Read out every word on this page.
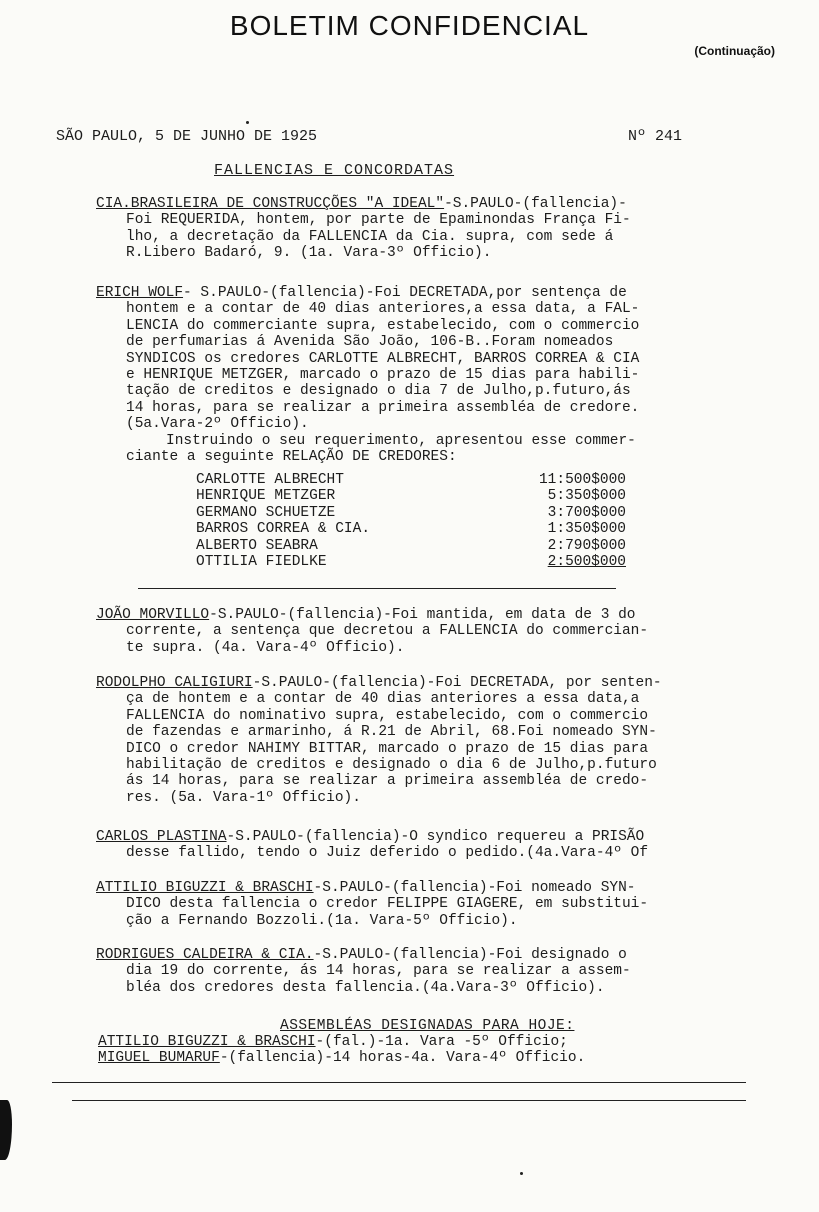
BOLETIM CONFIDENCIAL
(Continuação)
SÃO PAULO, 5 DE JUNHO DE 1925	Nº 241
FALLENCIAS E CONCORDATAS

CIA.BRASILEIRA DE CONSTRUCÇÕES "A IDEAL"-S.PAULO-(fallencia)-

Foi REQUERIDA, hontem, por parte de Epaminondas França Fi-

lho, a decretação da FALLENCIA da Cia. supra, com sede á

R.Libero Badaró, 9. (1a. Vara-3º Officio).

ERICH WOLF- S.PAULO-(fallencia)-Foi DECRETADA,por sentença de

hontem e a contar de 40 dias anteriores,a essa data, a FAL-

LENCIA do commerciante supra, estabelecido, com o commercio

de perfumarias á Avenida São João, 106-B..Foram nomeados

SYNDICOS os credores CARLOTTE ALBRECHT, BARROS CORREA & CIA

e HENRIQUE METZGER, marcado o prazo de 15 dias para habili-

tação de creditos e designado o dia 7 de Julho,p.futuro,ás

14 horas, para se realizar a primeira assembléa de credore.

(5a.Vara-2º Officio).

Instruindo o seu requerimento, apresentou esse commer-

ciante a seguinte RELAÇÃO DE CREDORES:

CARLOTTE ALBRECHT	11:500$000
HENRIQUE METZGER	5:350$000
GERMANO SCHUETZE	3:700$000
BARROS CORREA & CIA.	1:350$000
ALBERTO SEABRA	2:790$000
OTTILIA FIEDLKE	2:500$000

JOÃO MORVILLO-S.PAULO-(fallencia)-Foi mantida, em data de 3 do

corrente, a sentença que decretou a FALLENCIA do commercian-

te supra. (4a. Vara-4º Officio).

RODOLPHO CALIGIURI-S.PAULO-(fallencia)-Foi DECRETADA, por senten-

ça de hontem e a contar de 40 dias anteriores a essa data,a

FALLENCIA do nominativo supra, estabelecido, com o commercio

de fazendas e armarinho, á R.21 de Abril, 68.Foi nomeado SYN-

DICO o credor NAHIMY BITTAR, marcado o prazo de 15 dias para

habilitação de creditos e designado o dia 6 de Julho,p.futuro

ás 14 horas, para se realizar a primeira assembléa de credo-

res. (5a. Vara-1º Officio).

CARLOS PLASTINA-S.PAULO-(fallencia)-O syndico requereu a PRISÃO

desse fallido, tendo o Juiz deferido o pedido.(4a.Vara-4º Of

ATTILIO BIGUZZI & BRASCHI-S.PAULO-(fallencia)-Foi nomeado SYN-

DICO desta fallencia o credor FELIPPE GIAGERE, em substitui-

ção a Fernando Bozzoli.(1a. Vara-5º Officio).

RODRIGUES CALDEIRA & CIA.-S.PAULO-(fallencia)-Foi designado o

dia 19 do corrente, ás 14 horas, para se realizar a assem-

bléa dos credores desta fallencia.(4a.Vara-3º Officio).

ASSEMBLÉAS DESIGNADAS PARA HOJE:
ATTILIO BIGUZZI & BRASCHI-(fal.)-1a. Vara -5º Officio;
MIGUEL BUMARUF-(fallencia)-14 horas-4a. Vara-4º Officio.
